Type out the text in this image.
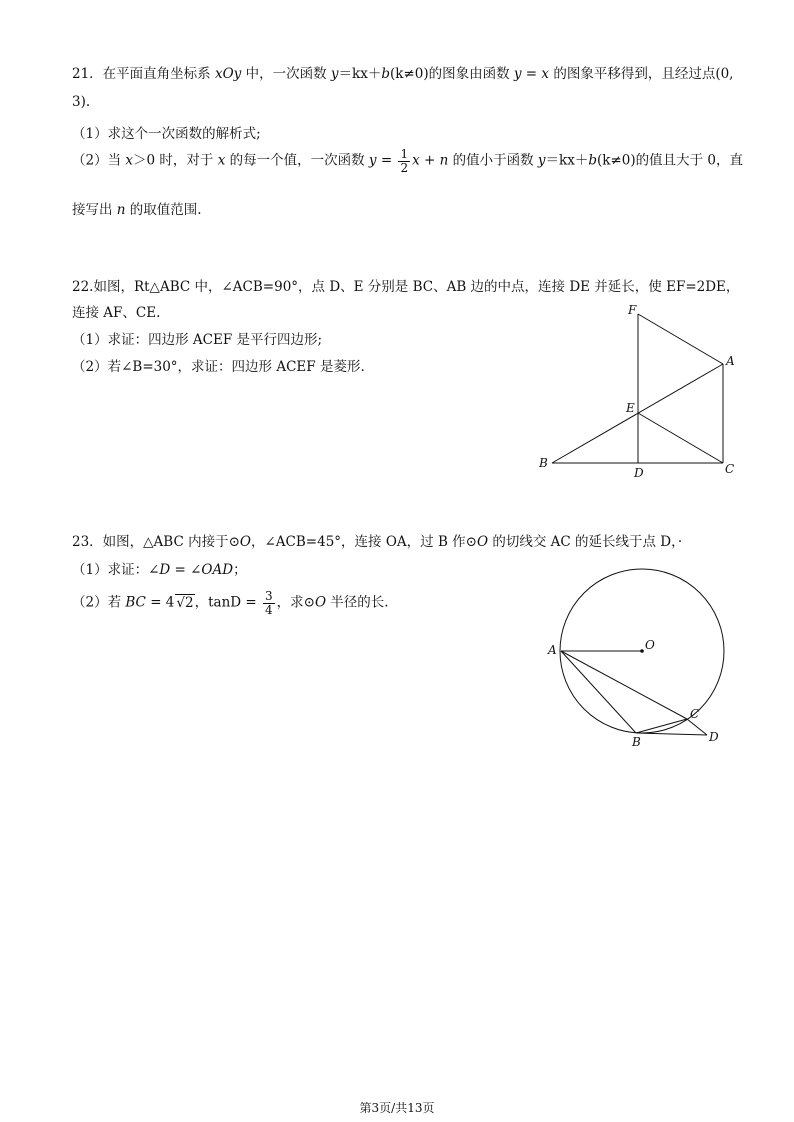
21．在平面直角坐标系 xOy 中，一次函数 y＝kx＋b(k≠0)的图象由函数 y = x 的图象平移得到，且经过点(0,
3).
（1）求这个一次函数的解析式;
（2）当 x＞0 时，对于 x 的每一个值，一次函数 $y = \frac{1}{2}$ x + n 的值小于函数 y＝kx＋b(k≠0)的值且大于 0，直
接写出 n 的取值范围.
22.如图，Rt△ABC 中，∠ACB=90°，点 D、E 分别是 BC、AB 边的中点，连接 DE 并延长，使 EF=2DE，
连接 AF、CE.
（1）求证：四边形 ACEF 是平行四边形;
（2）若∠B=30°，求证：四边形 ACEF 是菱形.
F
A
E
B
D	C
23．如图，△ABC 内接于⊙O，∠ACB=45°，连接 OA，过 B 作⊙O 的切线交 AC 的延长线于点 D，·
（1）求证：∠D = ∠OAD；
（2）若 BC = 4 √2，$\tan D = \frac{3}{4}$ ，求⊙O 半径的长.
A	O
B
C
D
第3页/共13页
